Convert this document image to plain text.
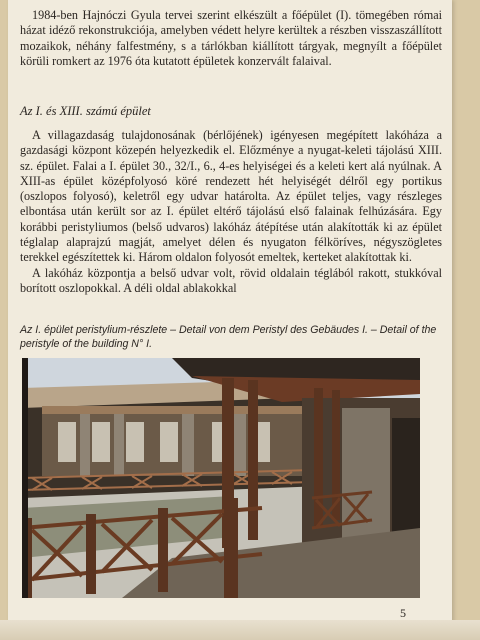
1984-ben Hajnóczi Gyula tervei szerint elkészült a főépület (I). tömegében római házat idéző rekonstrukciója, amelyben védett helyre kerültek a részben visszaszállított mozaikok, néhány falfestmény, s a tárlókban kiállított tárgyak, megnyílt a főépület körüli romkert az 1976 óta kutatott épületek konzervált falaival.
Az I. és XIII. számú épület
A villagazdaság tulajdonosának (bérlőjének) igényesen megépített lakóháza a gazdasági központ közepén helyezkedik el. Előzménye a nyugat-keleti tájolású XIII. sz. épület. Falai a I. épület 30., 32/I., 6., 4-es helyiségei és a keleti kert alá nyúlnak. A XIII-as épület középfolyosó köré rendezett hét helyiségét délről egy portikus (oszlopos folyosó), keletről egy udvar határolta. Az épület teljes, vagy részleges elbontása után került sor az I. épület eltérő tájolású első falainak felhúzására. Egy korábbi peristyliumos (belső udvaros) lakóház átépítése után alakították ki az épület téglalap alaprajzú magját, amelyet délen és nyugaton félköríves, négyszögletes terekkel egészítettek ki. Három oldalon folyosót emeltek, kerteket alakítottak ki.
A lakóház központja a belső udvar volt, rövid oldalain téglából rakott, stukkóval borított oszlopokkal. A déli oldal ablakokkal
Az I. épület peristylium-részlete – Detail von dem Peristyl des Gebäudes I. – Detail of the peristyle of the building N° I.
5
